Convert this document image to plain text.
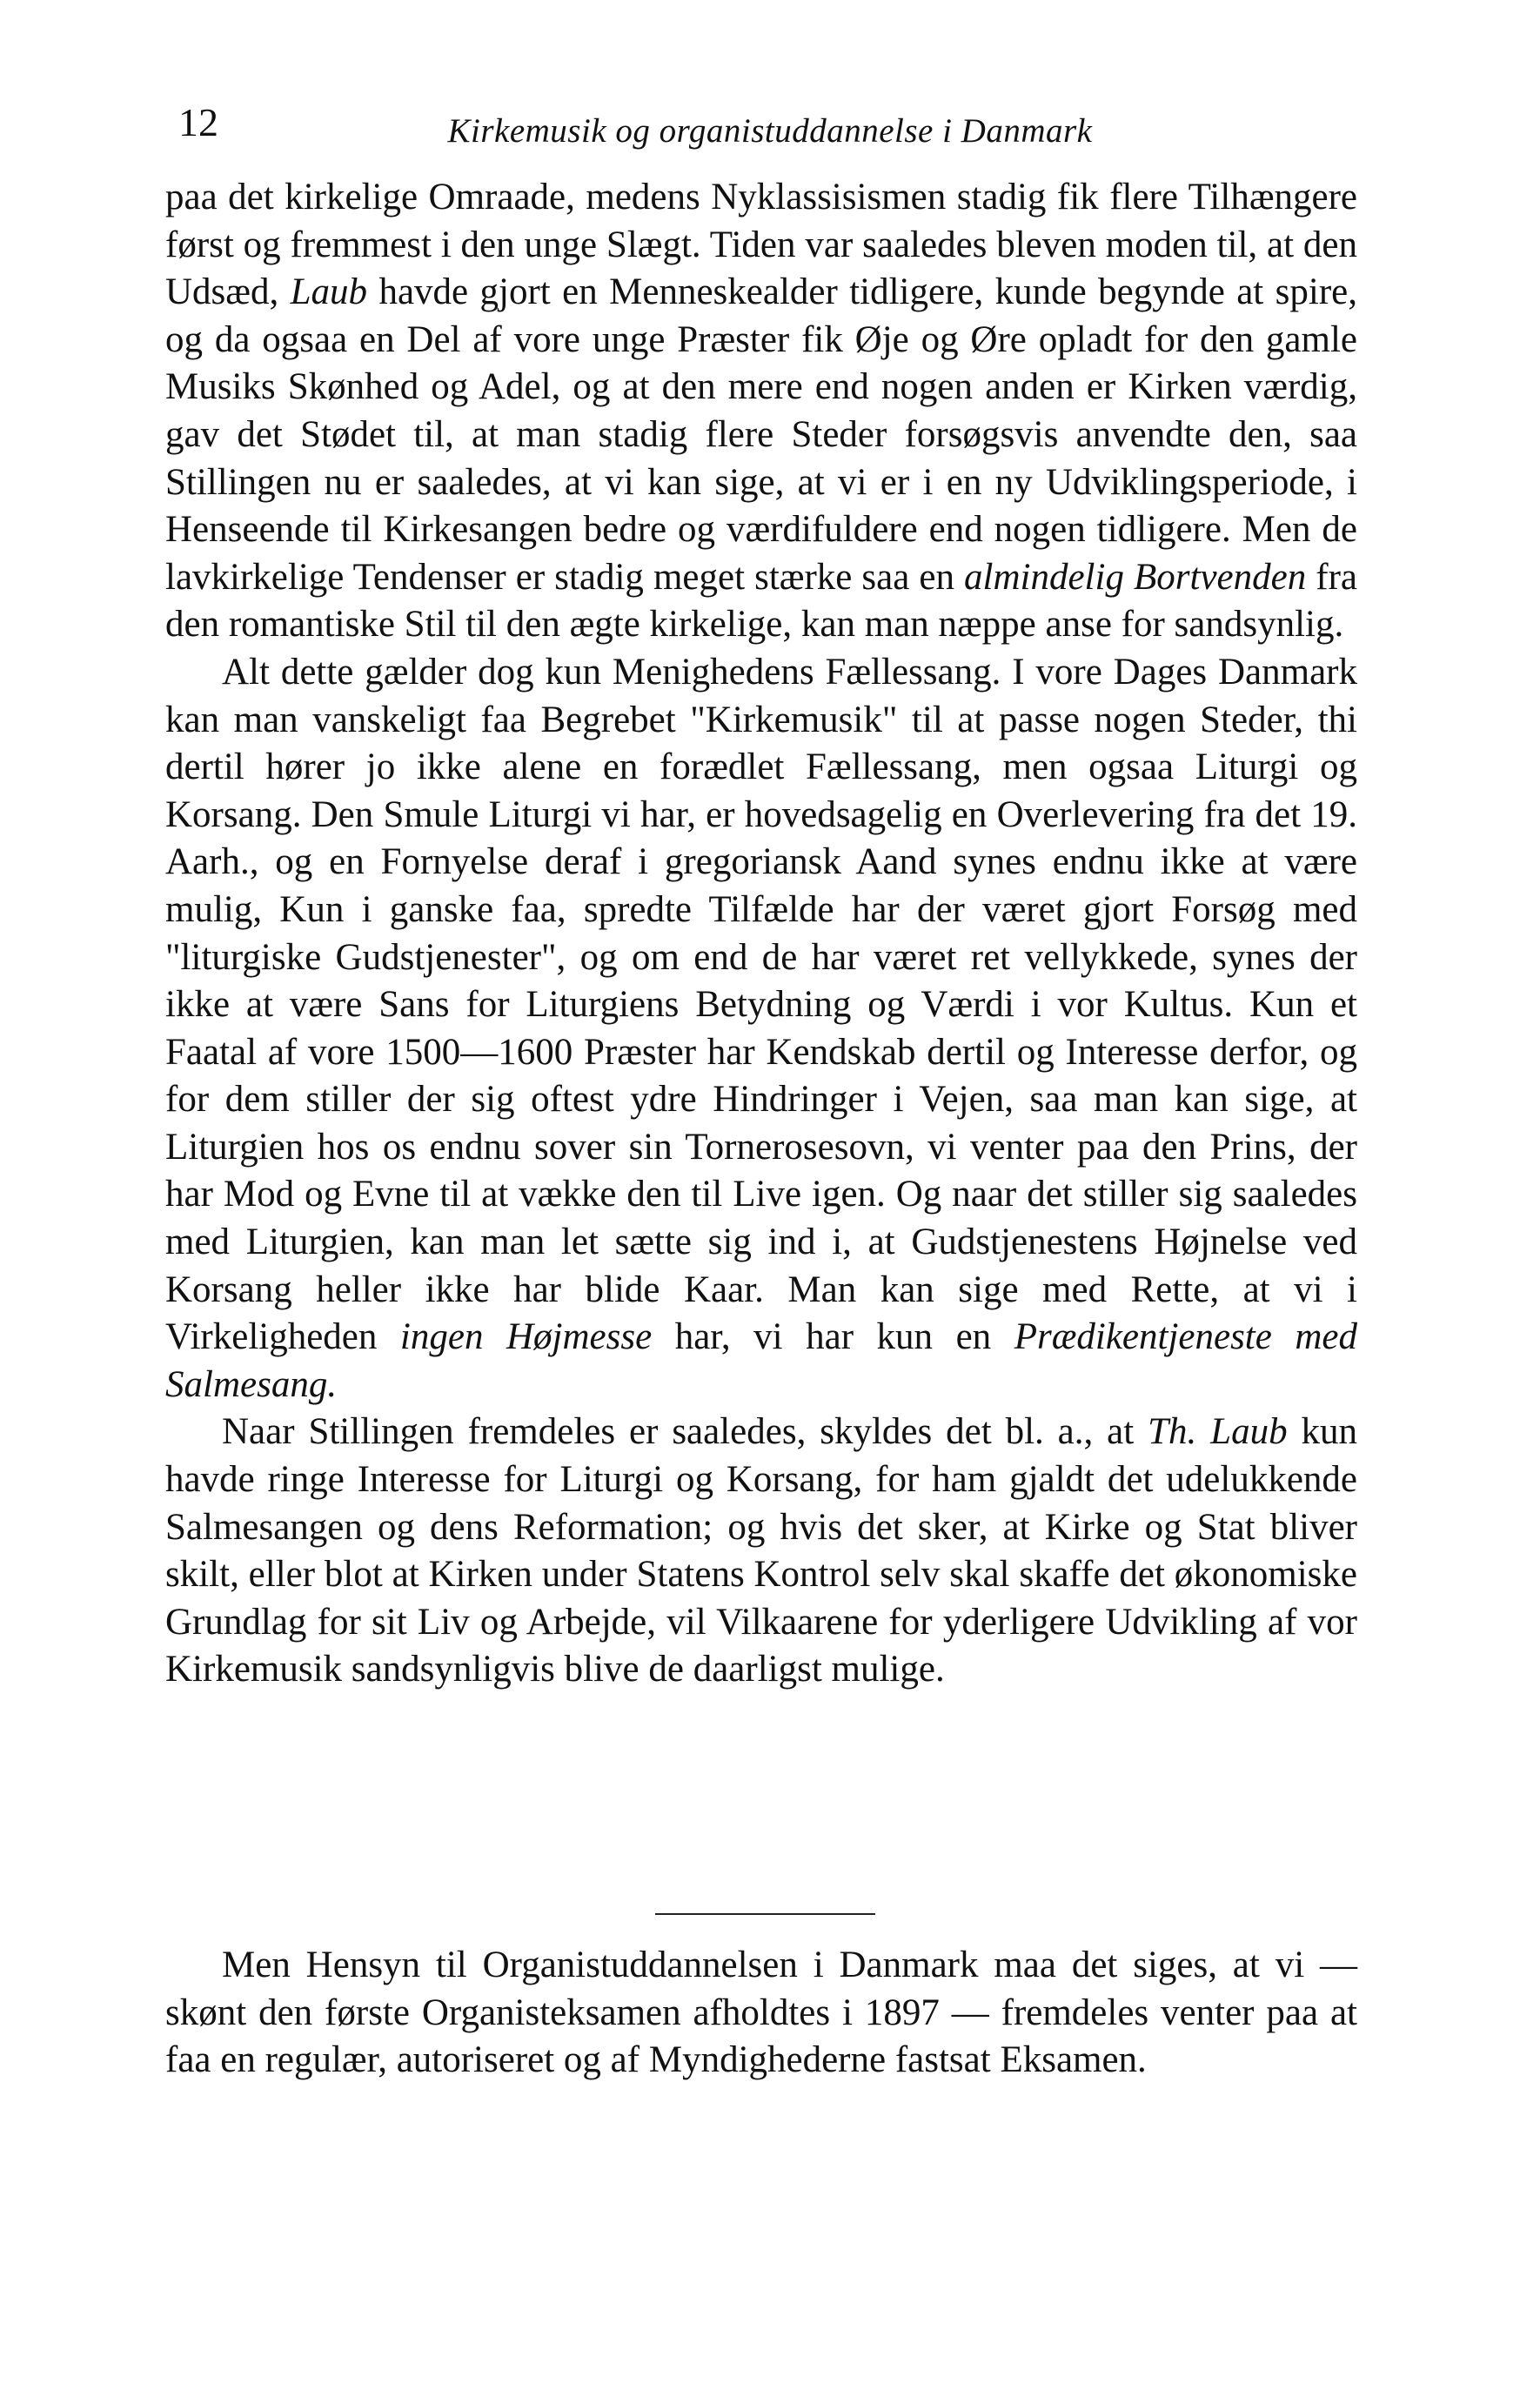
12	Kirkemusik og organistuddannelse i Danmark

paa det kirkelige Omraade, medens Nyklassisismen stadig fik flere Tilhængere først og fremmest i den unge Slægt. Tiden var saaledes bleven moden til, at den Udsæd, Laub havde gjort en Menneskealder tidligere, kunde begynde at spire, og da ogsaa en Del af vore unge Præster fik Øje og Øre opladt for den gamle Musiks Skønhed og Adel, og at den mere end nogen anden er Kirken værdig, gav det Stødet til, at man stadig flere Steder forsøgsvis anvendte den, saa Stillingen nu er saaledes, at vi kan sige, at vi er i en ny Udviklingsperiode, i Henseende til Kirkesangen bedre og værdifuldere end nogen tidligere. Men de lavkirkelige Tendenser er stadig meget stærke saa en almindelig Bortvenden fra den romantiske Stil til den ægte kirkelige, kan man næppe anse for sandsynlig.

Alt dette gælder dog kun Menighedens Fællessang. I vore Dages Danmark kan man vanskeligt faa Begrebet "Kirkemusik" til at passe nogen Steder, thi dertil hører jo ikke alene en forædlet Fællessang, men ogsaa Liturgi og Korsang. Den Smule Liturgi vi har, er hovedsagelig en Overlevering fra det 19. Aarh., og en Fornyelse deraf i gregoriansk Aand synes endnu ikke at være mulig, Kun i ganske faa, spredte Tilfælde har der været gjort Forsøg med "liturgiske Gudstjenester", og om end de har været ret vellykkede, synes der ikke at være Sans for Liturgiens Betydning og Værdi i vor Kultus. Kun et Faatal af vore 1500—1600 Præster har Kendskab dertil og Interesse derfor, og for dem stiller der sig oftest ydre Hindringer i Vejen, saa man kan sige, at Liturgien hos os endnu sover sin Tornerosesovn, vi venter paa den Prins, der har Mod og Evne til at vække den til Live igen. Og naar det stiller sig saaledes med Liturgien, kan man let sætte sig ind i, at Gudstjenestens Højnelse ved Korsang heller ikke har blide Kaar. Man kan sige med Rette, at vi i Virkeligheden ingen Højmesse har, vi har kun en Prædikentjeneste med Salmesang.

Naar Stillingen fremdeles er saaledes, skyldes det bl. a., at Th. Laub kun havde ringe Interesse for Liturgi og Korsang, for ham gjaldt det udelukkende Salmesangen og dens Reformation; og hvis det sker, at Kirke og Stat bliver skilt, eller blot at Kirken under Statens Kontrol selv skal skaffe det økonomiske Grundlag for sit Liv og Arbejde, vil Vilkaarene for yderligere Udvikling af vor Kirkemusik sandsynligvis blive de daarligst mulige.

Men Hensyn til Organistuddannelsen i Danmark maa det siges, at vi — skønt den første Organisteksamen afholdtes i 1897 — fremdeles venter paa at faa en regulær, autoriseret og af Myndighederne fastsat Eksamen.
